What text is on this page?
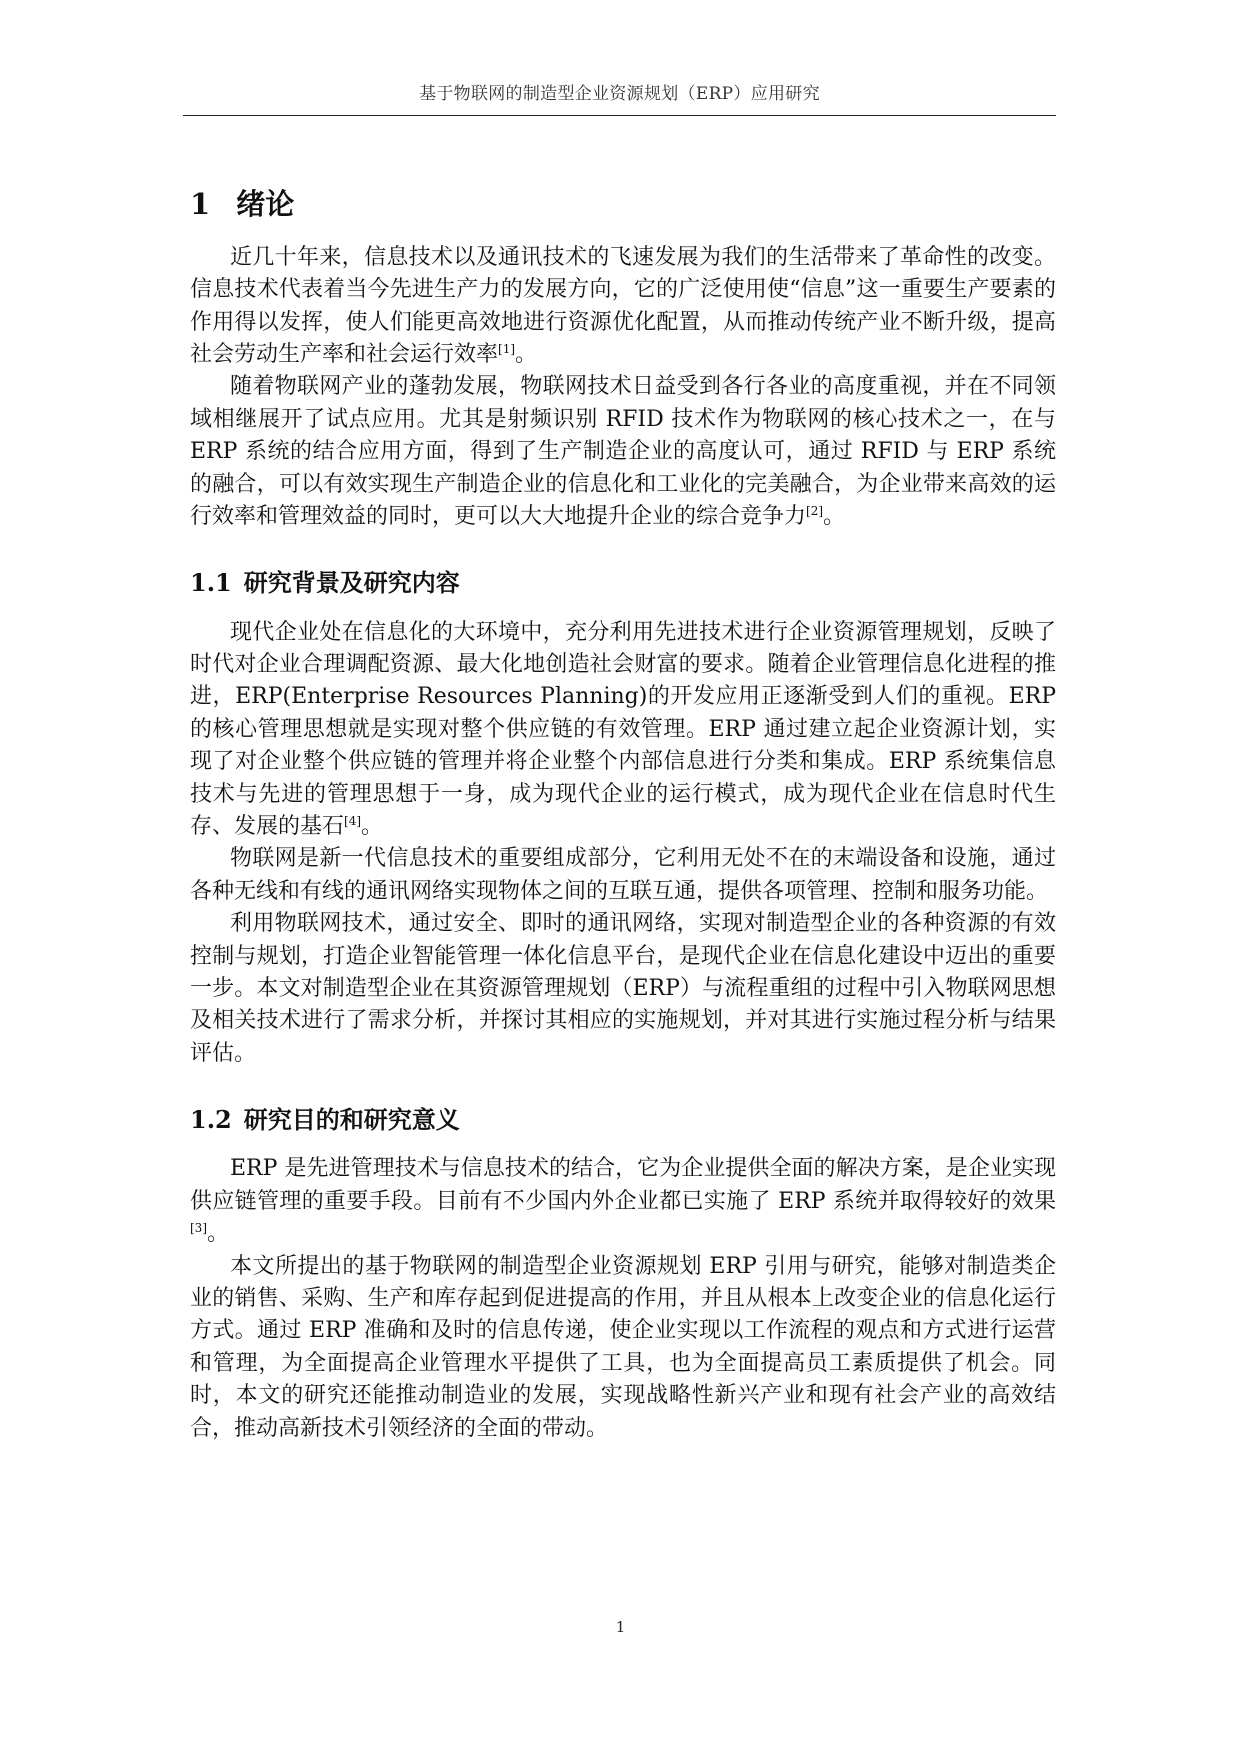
基于物联网的制造型企业资源规划（ERP）应用研究
1 绪论

近几十年来，信息技术以及通讯技术的飞速发展为我们的生活带来了革命性的改变。信息技术代表着当今先进生产力的发展方向，它的广泛使用使“信息”这一重要生产要素的作用得以发挥，使人们能更高效地进行资源优化配置，从而推动传统产业不断升级，提高社会劳动生产率和社会运行效率[1]。

随着物联网产业的蓬勃发展，物联网技术日益受到各行各业的高度重视，并在不同领域相继展开了试点应用。尤其是射频识别 RFID 技术作为物联网的核心技术之一，在与 ERP 系统的结合应用方面，得到了生产制造企业的高度认可，通过 RFID 与 ERP 系统的融合，可以有效实现生产制造企业的信息化和工业化的完美融合，为企业带来高效的运行效率和管理效益的同时，更可以大大地提升企业的综合竞争力[2]。

1.1 研究背景及研究内容

现代企业处在信息化的大环境中，充分利用先进技术进行企业资源管理规划，反映了时代对企业合理调配资源、最大化地创造社会财富的要求。随着企业管理信息化进程的推进，ERP(Enterprise Resources Planning)的开发应用正逐渐受到人们的重视。ERP 的核心管理思想就是实现对整个供应链的有效管理。ERP 通过建立起企业资源计划，实现了对企业整个供应链的管理并将企业整个内部信息进行分类和集成。ERP 系统集信息技术与先进的管理思想于一身，成为现代企业的运行模式，成为现代企业在信息时代生存、发展的基石[4]。

物联网是新一代信息技术的重要组成部分，它利用无处不在的末端设备和设施，通过各种无线和有线的通讯网络实现物体之间的互联互通，提供各项管理、控制和服务功能。

利用物联网技术，通过安全、即时的通讯网络，实现对制造型企业的各种资源的有效控制与规划，打造企业智能管理一体化信息平台，是现代企业在信息化建设中迈出的重要一步。本文对制造型企业在其资源管理规划（ERP）与流程重组的过程中引入物联网思想及相关技术进行了需求分析，并探讨其相应的实施规划，并对其进行实施过程分析与结果评估。

1.2 研究目的和研究意义

ERP 是先进管理技术与信息技术的结合，它为企业提供全面的解决方案，是企业实现供应链管理的重要手段。目前有不少国内外企业都已实施了 ERP 系统并取得较好的效果[3]。

本文所提出的基于物联网的制造型企业资源规划 ERP 引用与研究，能够对制造类企业的销售、采购、生产和库存起到促进提高的作用，并且从根本上改变企业的信息化运行方式。通过 ERP 准确和及时的信息传递，使企业实现以工作流程的观点和方式进行运营和管理，为全面提高企业管理水平提供了工具，也为全面提高员工素质提供了机会。同时，本文的研究还能推动制造业的发展，实现战略性新兴产业和现有社会产业的高效结合，推动高新技术引领经济的全面的带动。

1
